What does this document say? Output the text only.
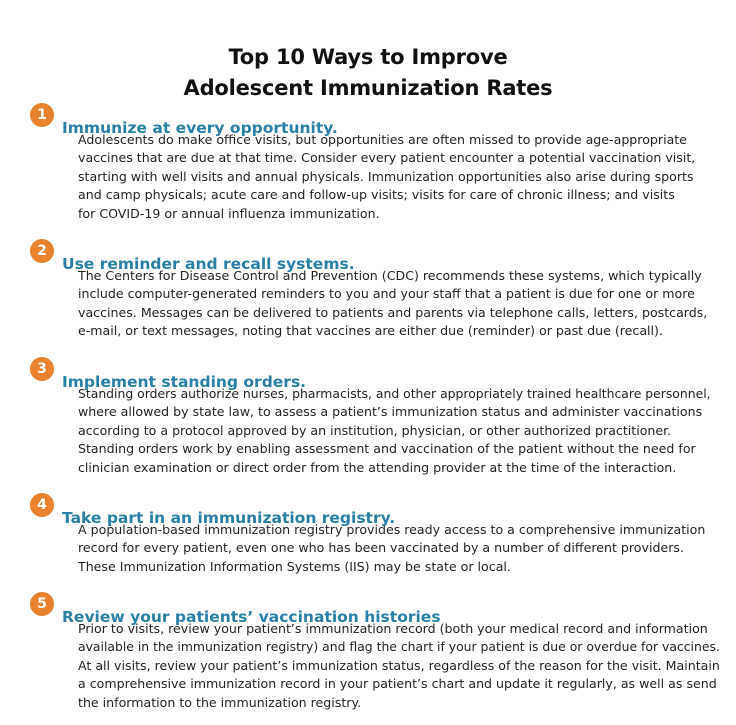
Top 10 Ways to Improve
Adolescent Immunization Rates
1
Immunize at every opportunity.

Adolescents do make office visits, but opportunities are often missed to provide age-appropriate
vaccines that are due at that time. Consider every patient encounter a potential vaccination visit,
starting with well visits and annual physicals. Immunization opportunities also arise during sports
and camp physicals; acute care and follow-up visits; visits for care of chronic illness; and visits
for COVID-19 or annual influenza immunization.

2
Use reminder and recall systems.

The Centers for Disease Control and Prevention (CDC) recommends these systems, which typically
include computer-generated reminders to you and your staff that a patient is due for one or more
vaccines. Messages can be delivered to patients and parents via telephone calls, letters, postcards,
e-mail, or text messages, noting that vaccines are either due (reminder) or past due (recall).

3
Implement standing orders.

Standing orders authorize nurses, pharmacists, and other appropriately trained healthcare personnel,
where allowed by state law, to assess a patient’s immunization status and administer vaccinations
according to a protocol approved by an institution, physician, or other authorized practitioner.
Standing orders work by enabling assessment and vaccination of the patient without the need for
clinician examination or direct order from the attending provider at the time of the interaction.

4
Take part in an immunization registry.

A population-based immunization registry provides ready access to a comprehensive immunization
record for every patient, even one who has been vaccinated by a number of different providers.
These Immunization Information Systems (IIS) may be state or local.

5
Review your patients’ vaccination histories

Prior to visits, review your patient’s immunization record (both your medical record and information
available in the immunization registry) and flag the chart if your patient is due or overdue for vaccines.
At all visits, review your patient’s immunization status, regardless of the reason for the visit. Maintain
a comprehensive immunization record in your patient’s chart and update it regularly, as well as send
the information to the immunization registry.
